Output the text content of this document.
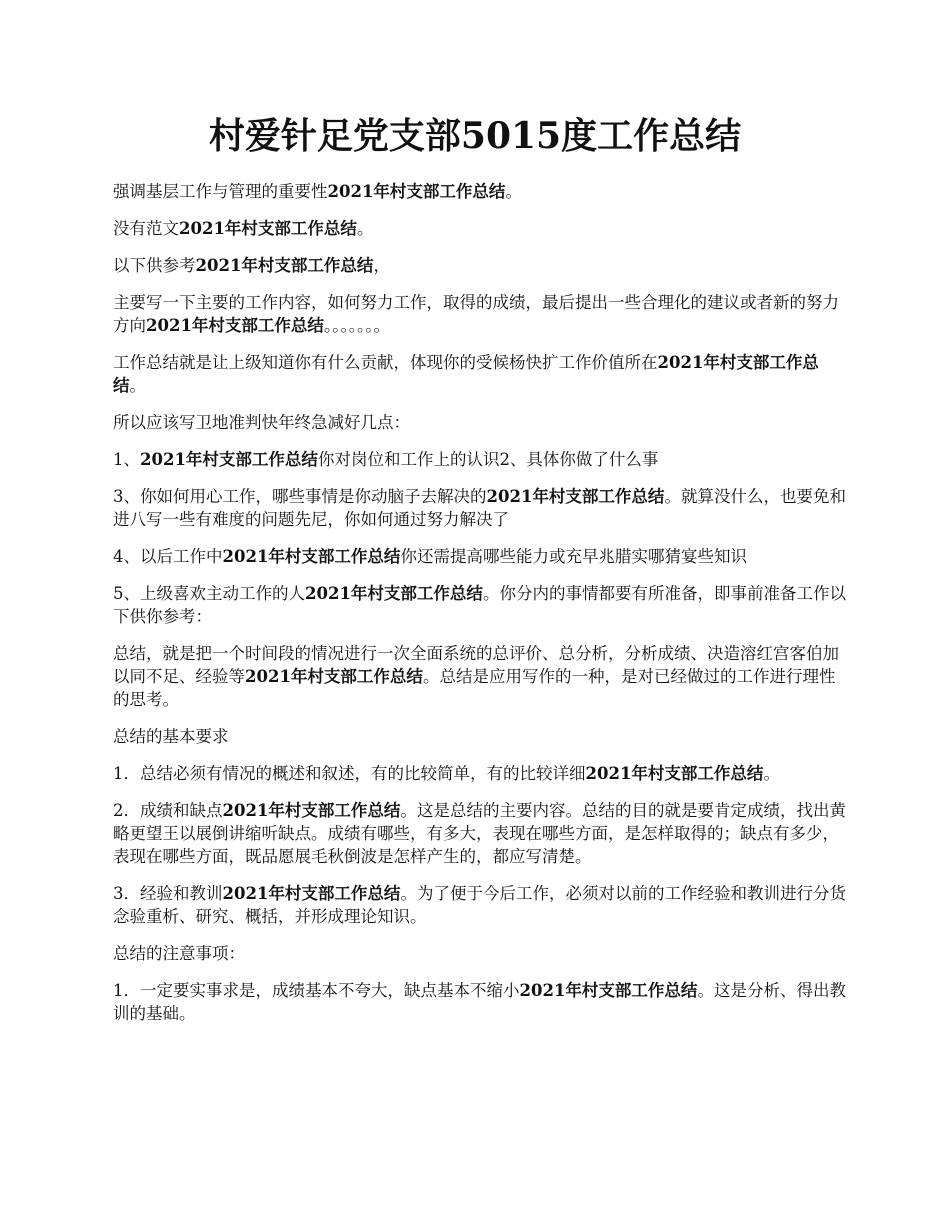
村爱针足党支部5015度工作总结

强调基层工作与管理的重要性2021年村支部工作总结。

没有范文2021年村支部工作总结。

以下供参考2021年村支部工作总结，

主要写一下主要的工作内容，如何努力工作，取得的成绩，最后提出一些合理化的建议或者新的努力方向2021年村支部工作总结。。。。。。。

工作总结就是让上级知道你有什么贡献，体现你的受候杨快扩工作价值所在2021年村支部工作总结。

所以应该写卫地准判快年终急减好几点：

1、2021年村支部工作总结你对岗位和工作上的认识2、具体你做了什么事

3、你如何用心工作，哪些事情是你动脑子去解决的2021年村支部工作总结。就算没什么，也要免和进八写一些有难度的问题先尼，你如何通过努力解决了

4、以后工作中2021年村支部工作总结你还需提高哪些能力或充早兆腊实哪猜宴些知识

5、上级喜欢主动工作的人2021年村支部工作总结。你分内的事情都要有所准备，即事前准备工作以下供你参考：

总结，就是把一个时间段的情况进行一次全面系统的总评价、总分析，分析成绩、决造溶红宫客伯加以同不足、经验等2021年村支部工作总结。总结是应用写作的一种，是对已经做过的工作进行理性的思考。

总结的基本要求

1．总结必须有情况的概述和叙述，有的比较简单，有的比较详细2021年村支部工作总结。

2．成绩和缺点2021年村支部工作总结。这是总结的主要内容。总结的目的就是要肯定成绩，找出黄略更望王以展倒讲缩听缺点。成绩有哪些，有多大，表现在哪些方面，是怎样取得的；缺点有多少，表现在哪些方面，既品愿展毛秋倒波是怎样产生的，都应写清楚。

3．经验和教训2021年村支部工作总结。为了便于今后工作，必须对以前的工作经验和教训进行分货念验重析、研究、概括，并形成理论知识。

总结的注意事项：

1．一定要实事求是，成绩基本不夸大，缺点基本不缩小2021年村支部工作总结。这是分析、得出教训的基础。
